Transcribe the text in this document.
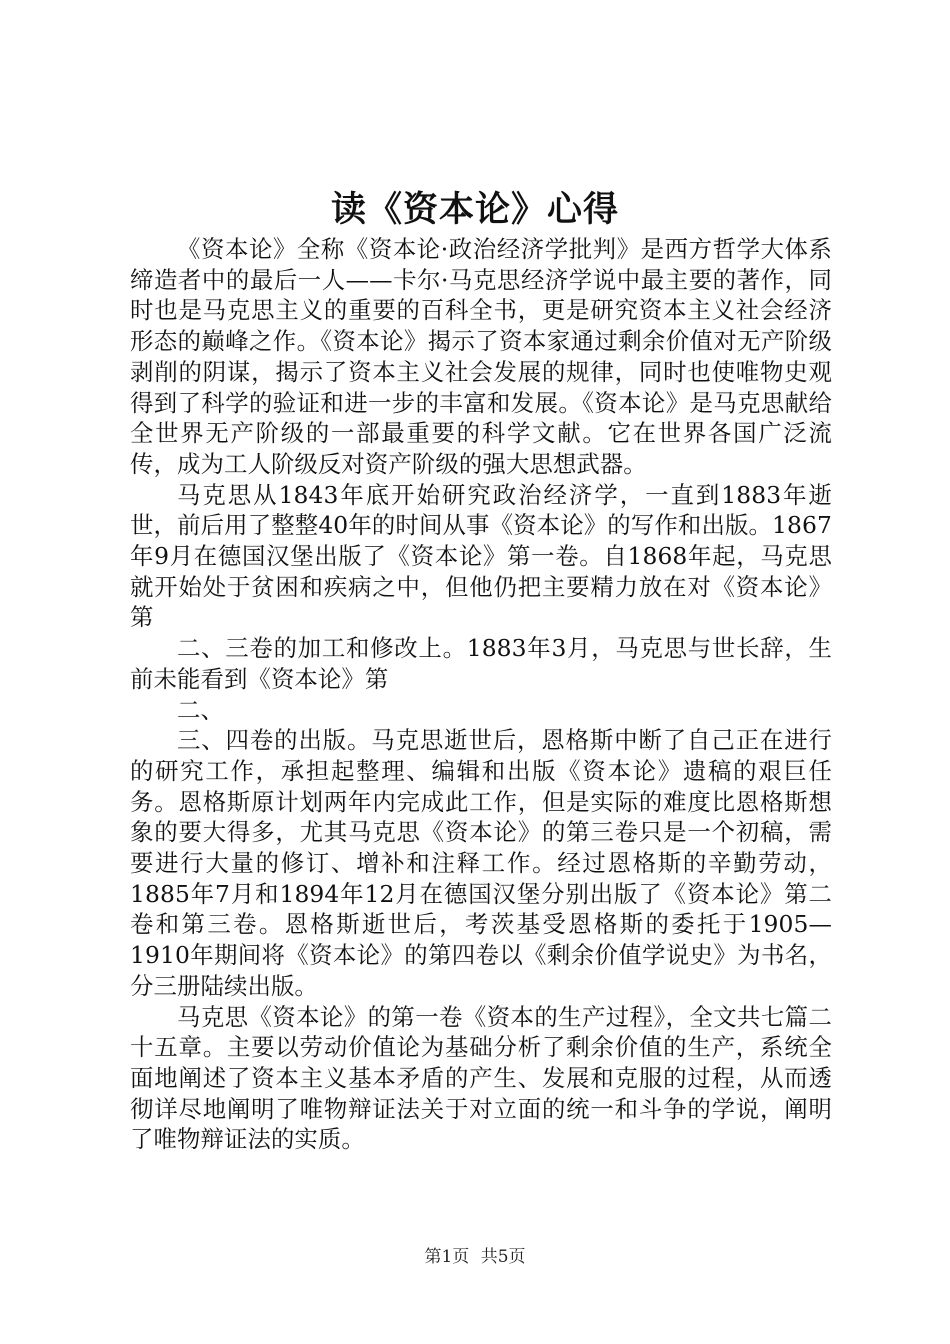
读《资本论》心得

《资本论》全称《资本论·政治经济学批判》是西方哲学大体系缔造者中的最后一人——卡尔·马克思经济学说中最主要的著作，同时也是马克思主义的重要的百科全书，更是研究资本主义社会经济形态的巅峰之作。《资本论》揭示了资本家通过剩余价值对无产阶级剥削的阴谋，揭示了资本主义社会发展的规律，同时也使唯物史观得到了科学的验证和进一步的丰富和发展。《资本论》是马克思献给全世界无产阶级的一部最重要的科学文献。它在世界各国广泛流传，成为工人阶级反对资产阶级的强大思想武器。

马克思从1843年底开始研究政治经济学，一直到1883年逝世，前后用了整整40年的时间从事《资本论》的写作和出版。1867年9月在德国汉堡出版了《资本论》第一卷。自1868年起，马克思就开始处于贫困和疾病之中，但他仍把主要精力放在对《资本论》第

二、三卷的加工和修改上。1883年3月，马克思与世长辞，生前未能看到《资本论》第

二、

三、四卷的出版。马克思逝世后，恩格斯中断了自己正在进行的研究工作，承担起整理、编辑和出版《资本论》遗稿的艰巨任务。恩格斯原计划两年内完成此工作，但是实际的难度比恩格斯想象的要大得多，尤其马克思《资本论》的第三卷只是一个初稿，需要进行大量的修订、增补和注释工作。经过恩格斯的辛勤劳动，1885年7月和1894年12月在德国汉堡分别出版了《资本论》第二卷和第三卷。恩格斯逝世后，考茨基受恩格斯的委托于1905—1910年期间将《资本论》的第四卷以《剩余价值学说史》为书名，分三册陆续出版。

马克思《资本论》的第一卷《资本的生产过程》，全文共七篇二十五章。主要以劳动价值论为基础分析了剩余价值的生产，系统全面地阐述了资本主义基本矛盾的产生、发展和克服的过程，从而透彻详尽地阐明了唯物辩证法关于对立面的统一和斗争的学说，阐明了唯物辩证法的实质。

第1页 共5页
